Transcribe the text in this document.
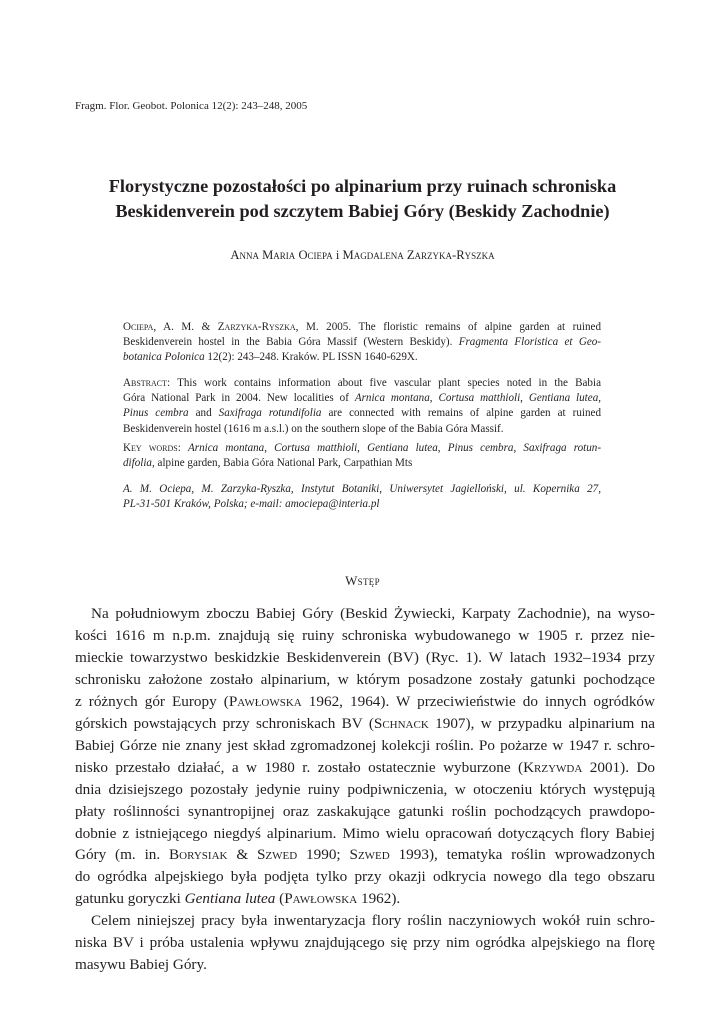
Fragm. Flor. Geobot. Polonica 12(2): 243–248, 2005
Florystyczne pozostałości po alpinarium przy ruinach schroniska
Beskidenverein pod szczytem Babiej Góry (Beskidy Zachodnie)
Anna Maria Ociepa i Magdalena Zarzyka-Ryszka
Ociepa, A. M. & Zarzyka-Ryszka, M. 2005. The floristic remains of alpine garden at ruined
Beskidenverein hostel in the Babia Góra Massif (Western Beskidy). Fragmenta Floristica et Geo-
botanica Polonica 12(2): 243–248. Kraków. PL ISSN 1640-629X.
Abstract: This work contains information about five vascular plant species noted in the Babia
Góra National Park in 2004. New localities of Arnica montana, Cortusa matthioli, Gentiana lutea,
Pinus cembra and Saxifraga rotundifolia are connected with remains of alpine garden at ruined
Beskidenverein hostel (1616 m a.s.l.) on the southern slope of the Babia Góra Massif.
Key words: Arnica montana, Cortusa matthioli, Gentiana lutea, Pinus cembra, Saxifraga rotun-
difolia, alpine garden, Babia Góra National Park, Carpathian Mts
A. M. Ociepa, M. Zarzyka-Ryszka, Instytut Botaniki, Uniwersytet Jagielloński, ul. Kopernika 27,
PL-31-501 Kraków, Polska; e-mail: amociepa@interia.pl
Wstęp
Na południowym zboczu Babiej Góry (Beskid Żywiecki, Karpaty Zachodnie), na wyso-
kości 1616 m n.p.m. znajdują się ruiny schroniska wybudowanego w 1905 r. przez nie-
mieckie towarzystwo beskidzkie Beskidenverein (BV) (Ryc. 1). W latach 1932–1934 przy
schronisku założone zostało alpinarium, w którym posadzone zostały gatunki pochodzące
z różnych gór Europy (Pawłowska 1962, 1964). W przeciwieństwie do innych ogródków
górskich powstających przy schroniskach BV (Schnack 1907), w przypadku alpinarium na
Babiej Górze nie znany jest skład zgromadzonej kolekcji roślin. Po pożarze w 1947 r. schro-
nisko przestało działać, a w 1980 r. zostało ostatecznie wyburzone (Krzywda 2001). Do
dnia dzisiejszego pozostały jedynie ruiny podpiwniczenia, w otoczeniu których występują
płaty roślinności synantropijnej oraz zaskakujące gatunki roślin pochodzących prawdopo-
dobnie z istniejącego niegdyś alpinarium. Mimo wielu opracowań dotyczących flory Babiej
Góry (m. in. Borysiak & Szwed 1990; Szwed 1993), tematyka roślin wprowadzonych
do ogródka alpejskiego była podjęta tylko przy okazji odkrycia nowego dla tego obszaru
gatunku goryczki Gentiana lutea (Pawłowska 1962).
Celem niniejszej pracy była inwentaryzacja flory roślin naczyniowych wokół ruin schro-
niska BV i próba ustalenia wpływu znajdującego się przy nim ogródka alpejskiego na florę
masywu Babiej Góry.
